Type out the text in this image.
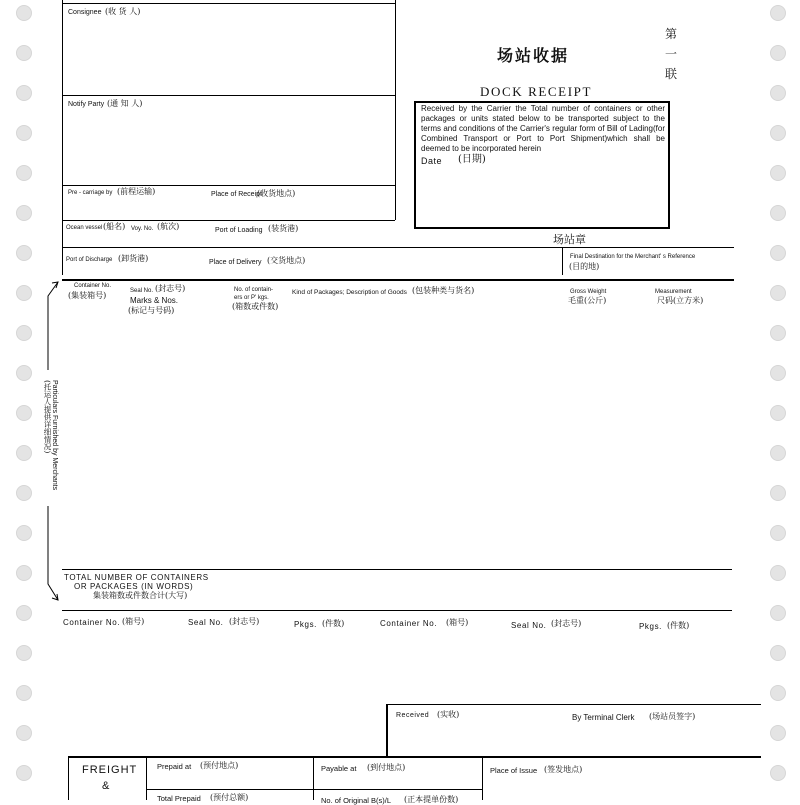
Consignee (收 货 人)
Notify Party (通 知 人)
Pre - carriage by (前程运输)	Place of Receipt
(收货地点)
Ocean vessel (船名) Voy. No. (航次)	Port of Loading (装货港)
Port of Discharge (卸货港)	Place of Delivery (交货地点)	Final Destination for the Merchant' s Reference
(目的地)
场站收据
第
一
联
DOCK RECEIPT
Received by the Carrier the Total number of containers or other packages or units stated below to be transported subject to the terms and conditions of the Carrier's regular form of Bill of Lading(for Combined Transport or Port to Port Shipment)which shall be deemed to be incorporated herein
Date (日期)
场站章
Container No.
(集装箱号)	Seal No. (封志号)
Marks & Nos.
(标记与号码)
No. of contain-
ers or P' kgs.
(箱数或件数)
Kind of Packages; Description of Goods (包装种类与货名)	Gross Weight
毛重(公斤)
Measurement
尺码(立方米)
Particulars Furnished by Merchants
(托运人提供详细情况)
TOTAL NUMBER OF CONTAINERS
OR PACKAGES (IN WORDS)
集装箱数或件数合计(大写)
Container No. (箱号)	Seal No. (封志号)	Pkgs. (件数)	Container No. (箱号)	Seal No. (封志号)	Pkgs. (件数)
Received (实收)	By Terminal Clerk (场站员签字)
FREIGHT
&
Prepaid at (预付地点)	Payable at (到付地点)	Place of Issue (签发地点)
Total Prepaid (预付总额)	No. of Original B(s)/L (正本提单份数)
